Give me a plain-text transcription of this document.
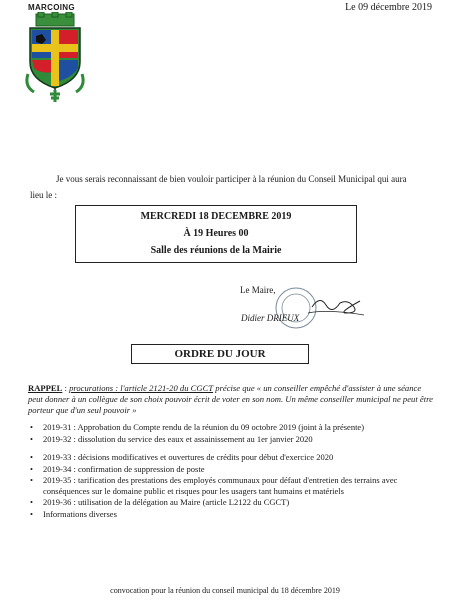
Le 09 décembre 2019
MARCOING
Je vous serais reconnaissant de bien vouloir participer à la réunion du Conseil Municipal qui aura
lieu le :
MERCREDI 18 DECEMBRE 2019
À 19 Heures 00
Salle des réunions de la Mairie
Le Maire,
Didier DRIEUX
ORDRE DU JOUR
RAPPEL : procurations : l'article 2121-20 du CGCT précise que « un conseiller empêché d'assister à une séance peut donner à un collègue de son choix pouvoir écrit de voter en son nom. Un même conseiller municipal ne peut être porteur que d'un seul pouvoir »

• 2019-31 : Approbation du Compte rendu de la réunion du 09 octobre 2019 (joint à la présente)

• 2019-32 : dissolution du service des eaux et assainissement au 1er janvier 2020

• 2019-33 : décisions modificatives et ouvertures de crédits pour début d'exercice 2020

• 2019-34 : confirmation de suppression de poste

• 2019-35 : tarification des prestations des employés communaux pour défaut d'entretien des terrains avec conséquences sur le domaine public et risques pour les usagers tant humains et matériels

• 2019-36 : utilisation de la délégation au Maire (article L2122 du CGCT)

• Informations diverses

convocation pour la réunion du conseil municipal du 18 décembre 2019
